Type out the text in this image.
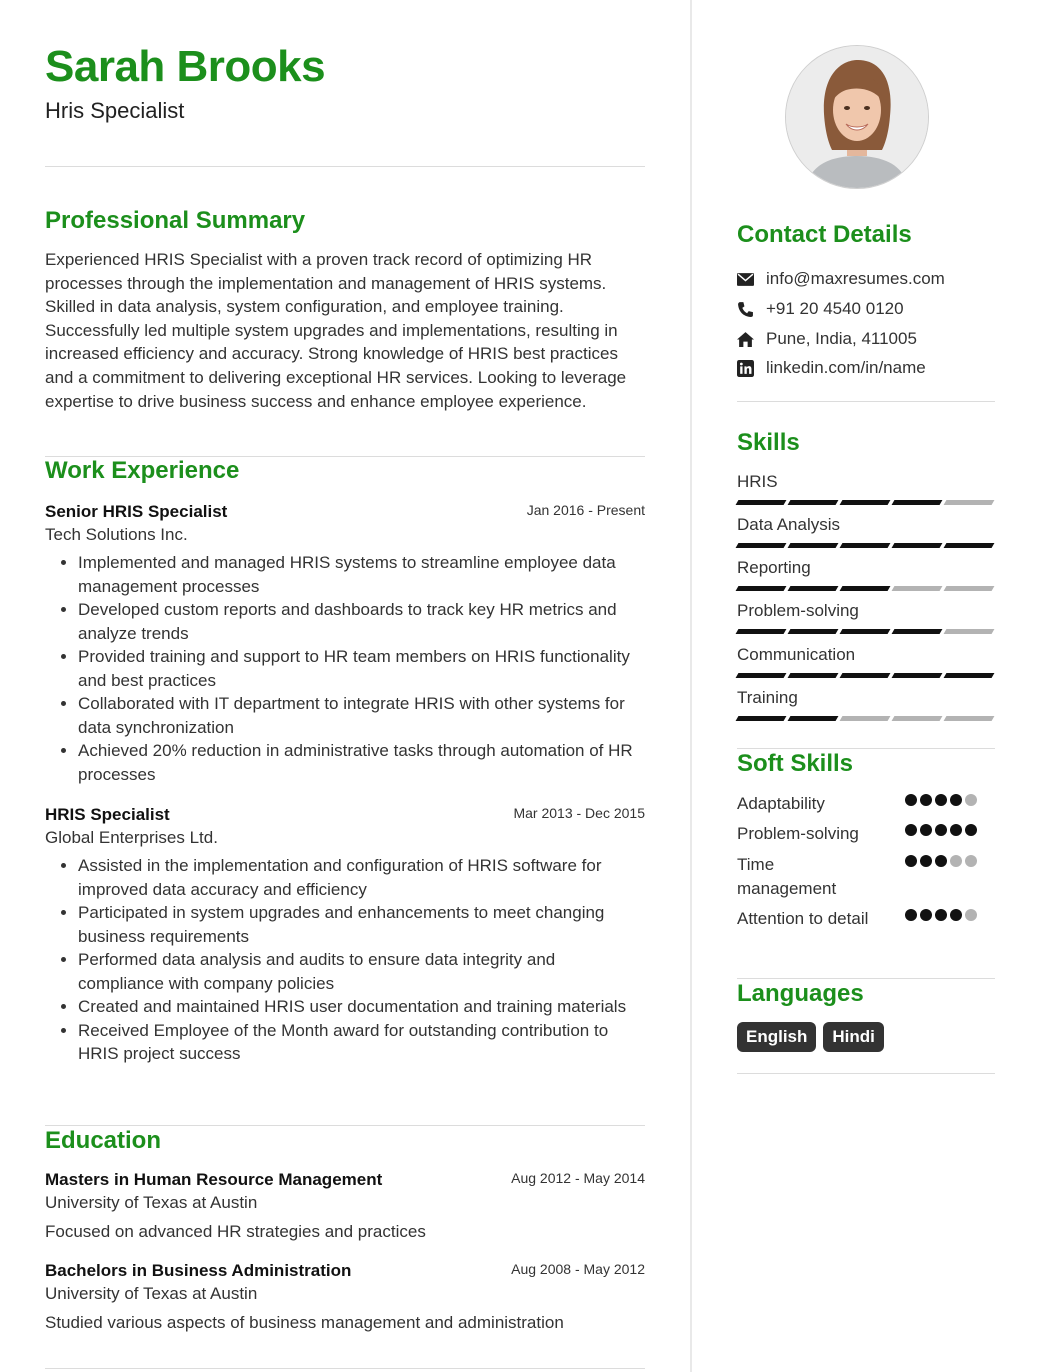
Sarah Brooks
Hris Specialist
Professional Summary
Experienced HRIS Specialist with a proven track record of optimizing HR processes through the implementation and management of HRIS systems. Skilled in data analysis, system configuration, and employee training. Successfully led multiple system upgrades and implementations, resulting in increased efficiency and accuracy. Strong knowledge of HRIS best practices and a commitment to delivering exceptional HR services. Looking to leverage expertise to drive business success and enhance employee experience.
Work Experience
Senior HRIS Specialist	Jan 2016 - Present
Tech Solutions Inc.
• Implemented and managed HRIS systems to streamline employee data management processes
• Developed custom reports and dashboards to track key HR metrics and analyze trends
• Provided training and support to HR team members on HRIS functionality and best practices
• Collaborated with IT department to integrate HRIS with other systems for data synchronization
• Achieved 20% reduction in administrative tasks through automation of HR processes
HRIS Specialist	Mar 2013 - Dec 2015
Global Enterprises Ltd.
• Assisted in the implementation and configuration of HRIS software for improved data accuracy and efficiency
• Participated in system upgrades and enhancements to meet changing business requirements
• Performed data analysis and audits to ensure data integrity and compliance with company policies
• Created and maintained HRIS user documentation and training materials
• Received Employee of the Month award for outstanding contribution to HRIS project success
Education
Masters in Human Resource Management	Aug 2012 - May 2014
University of Texas at Austin
Focused on advanced HR strategies and practices
Bachelors in Business Administration	Aug 2008 - May 2012
University of Texas at Austin
Studied various aspects of business management and administration
Contact Details
info@maxresumes.com
+91 20 4540 0120
Pune, India, 411005
linkedin.com/in/name
Skills
HRIS
Data Analysis
Reporting
Problem-solving
Communication
Training
Soft Skills
Adaptability
Problem-solving
Time management
Attention to detail
Languages
English	Hindi
